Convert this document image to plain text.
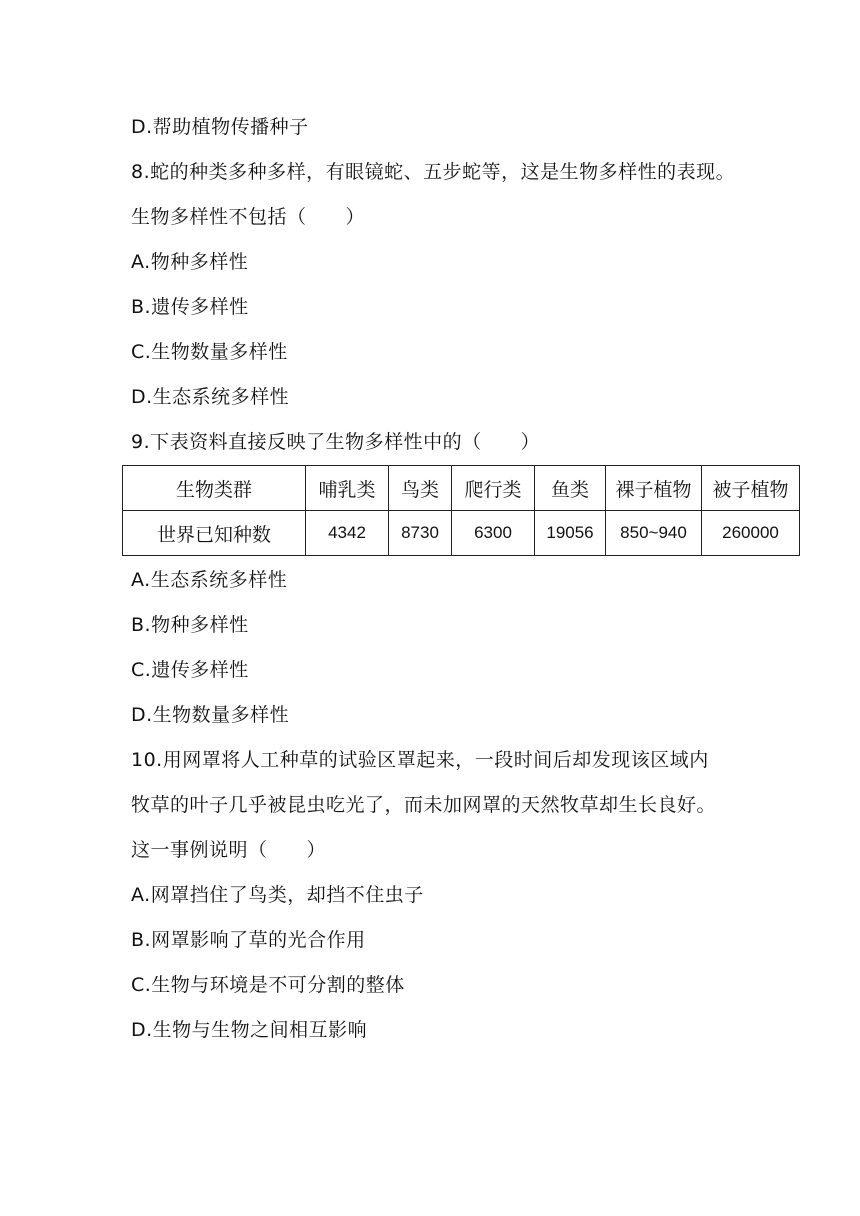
D.帮助植物传播种子
8.蛇的种类多种多样，有眼镜蛇、五步蛇等，这是生物多样性的表现。
生物多样性不包括（　　）
A.物种多样性
B.遗传多样性
C.生物数量多样性
D.生态系统多样性
9.下表资料直接反映了生物多样性中的（　　）
生物类群	哺乳类	鸟类	爬行类	鱼类	裸子植物	被子植物
世界已知种数	4342	8730	6300	19056	850~940	260000
A.生态系统多样性
B.物种多样性
C.遗传多样性
D.生物数量多样性
10.用网罩将人工种草的试验区罩起来，一段时间后却发现该区域内
牧草的叶子几乎被昆虫吃光了，而未加网罩的天然牧草却生长良好。
这一事例说明（　　）
A.网罩挡住了鸟类，却挡不住虫子
B.网罩影响了草的光合作用
C.生物与环境是不可分割的整体
D.生物与生物之间相互影响
